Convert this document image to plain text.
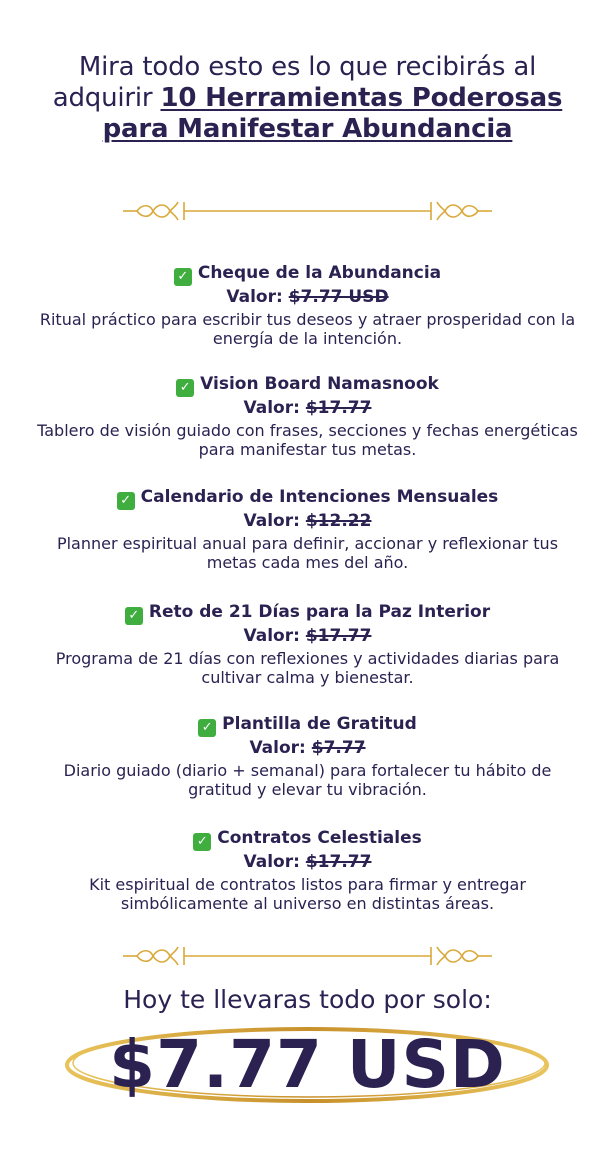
Mira todo esto es lo que recibirás al adquirir 10 Herramientas Poderosas para Manifestar Abundancia
✓ Cheque de la Abundancia
Valor: $7.77 USD
Ritual práctico para escribir tus deseos y atraer prosperidad con la energía de la intención.
✓ Vision Board Namasnook
Valor: $17.77
Tablero de visión guiado con frases, secciones y fechas energéticas para manifestar tus metas.
✓ Calendario de Intenciones Mensuales
Valor: $12.22
Planner espiritual anual para definir, accionar y reflexionar tus metas cada mes del año.
✓ Reto de 21 Días para la Paz Interior
Valor: $17.77
Programa de 21 días con reflexiones y actividades diarias para cultivar calma y bienestar.
✓ Plantilla de Gratitud
Valor: $7.77
Diario guiado (diario + semanal) para fortalecer tu hábito de gratitud y elevar tu vibración.
✓ Contratos Celestiales
Valor: $17.77
Kit espiritual de contratos listos para firmar y entregar simbólicamente al universo en distintas áreas.
Hoy te llevaras todo por solo:
$7.77 USD
